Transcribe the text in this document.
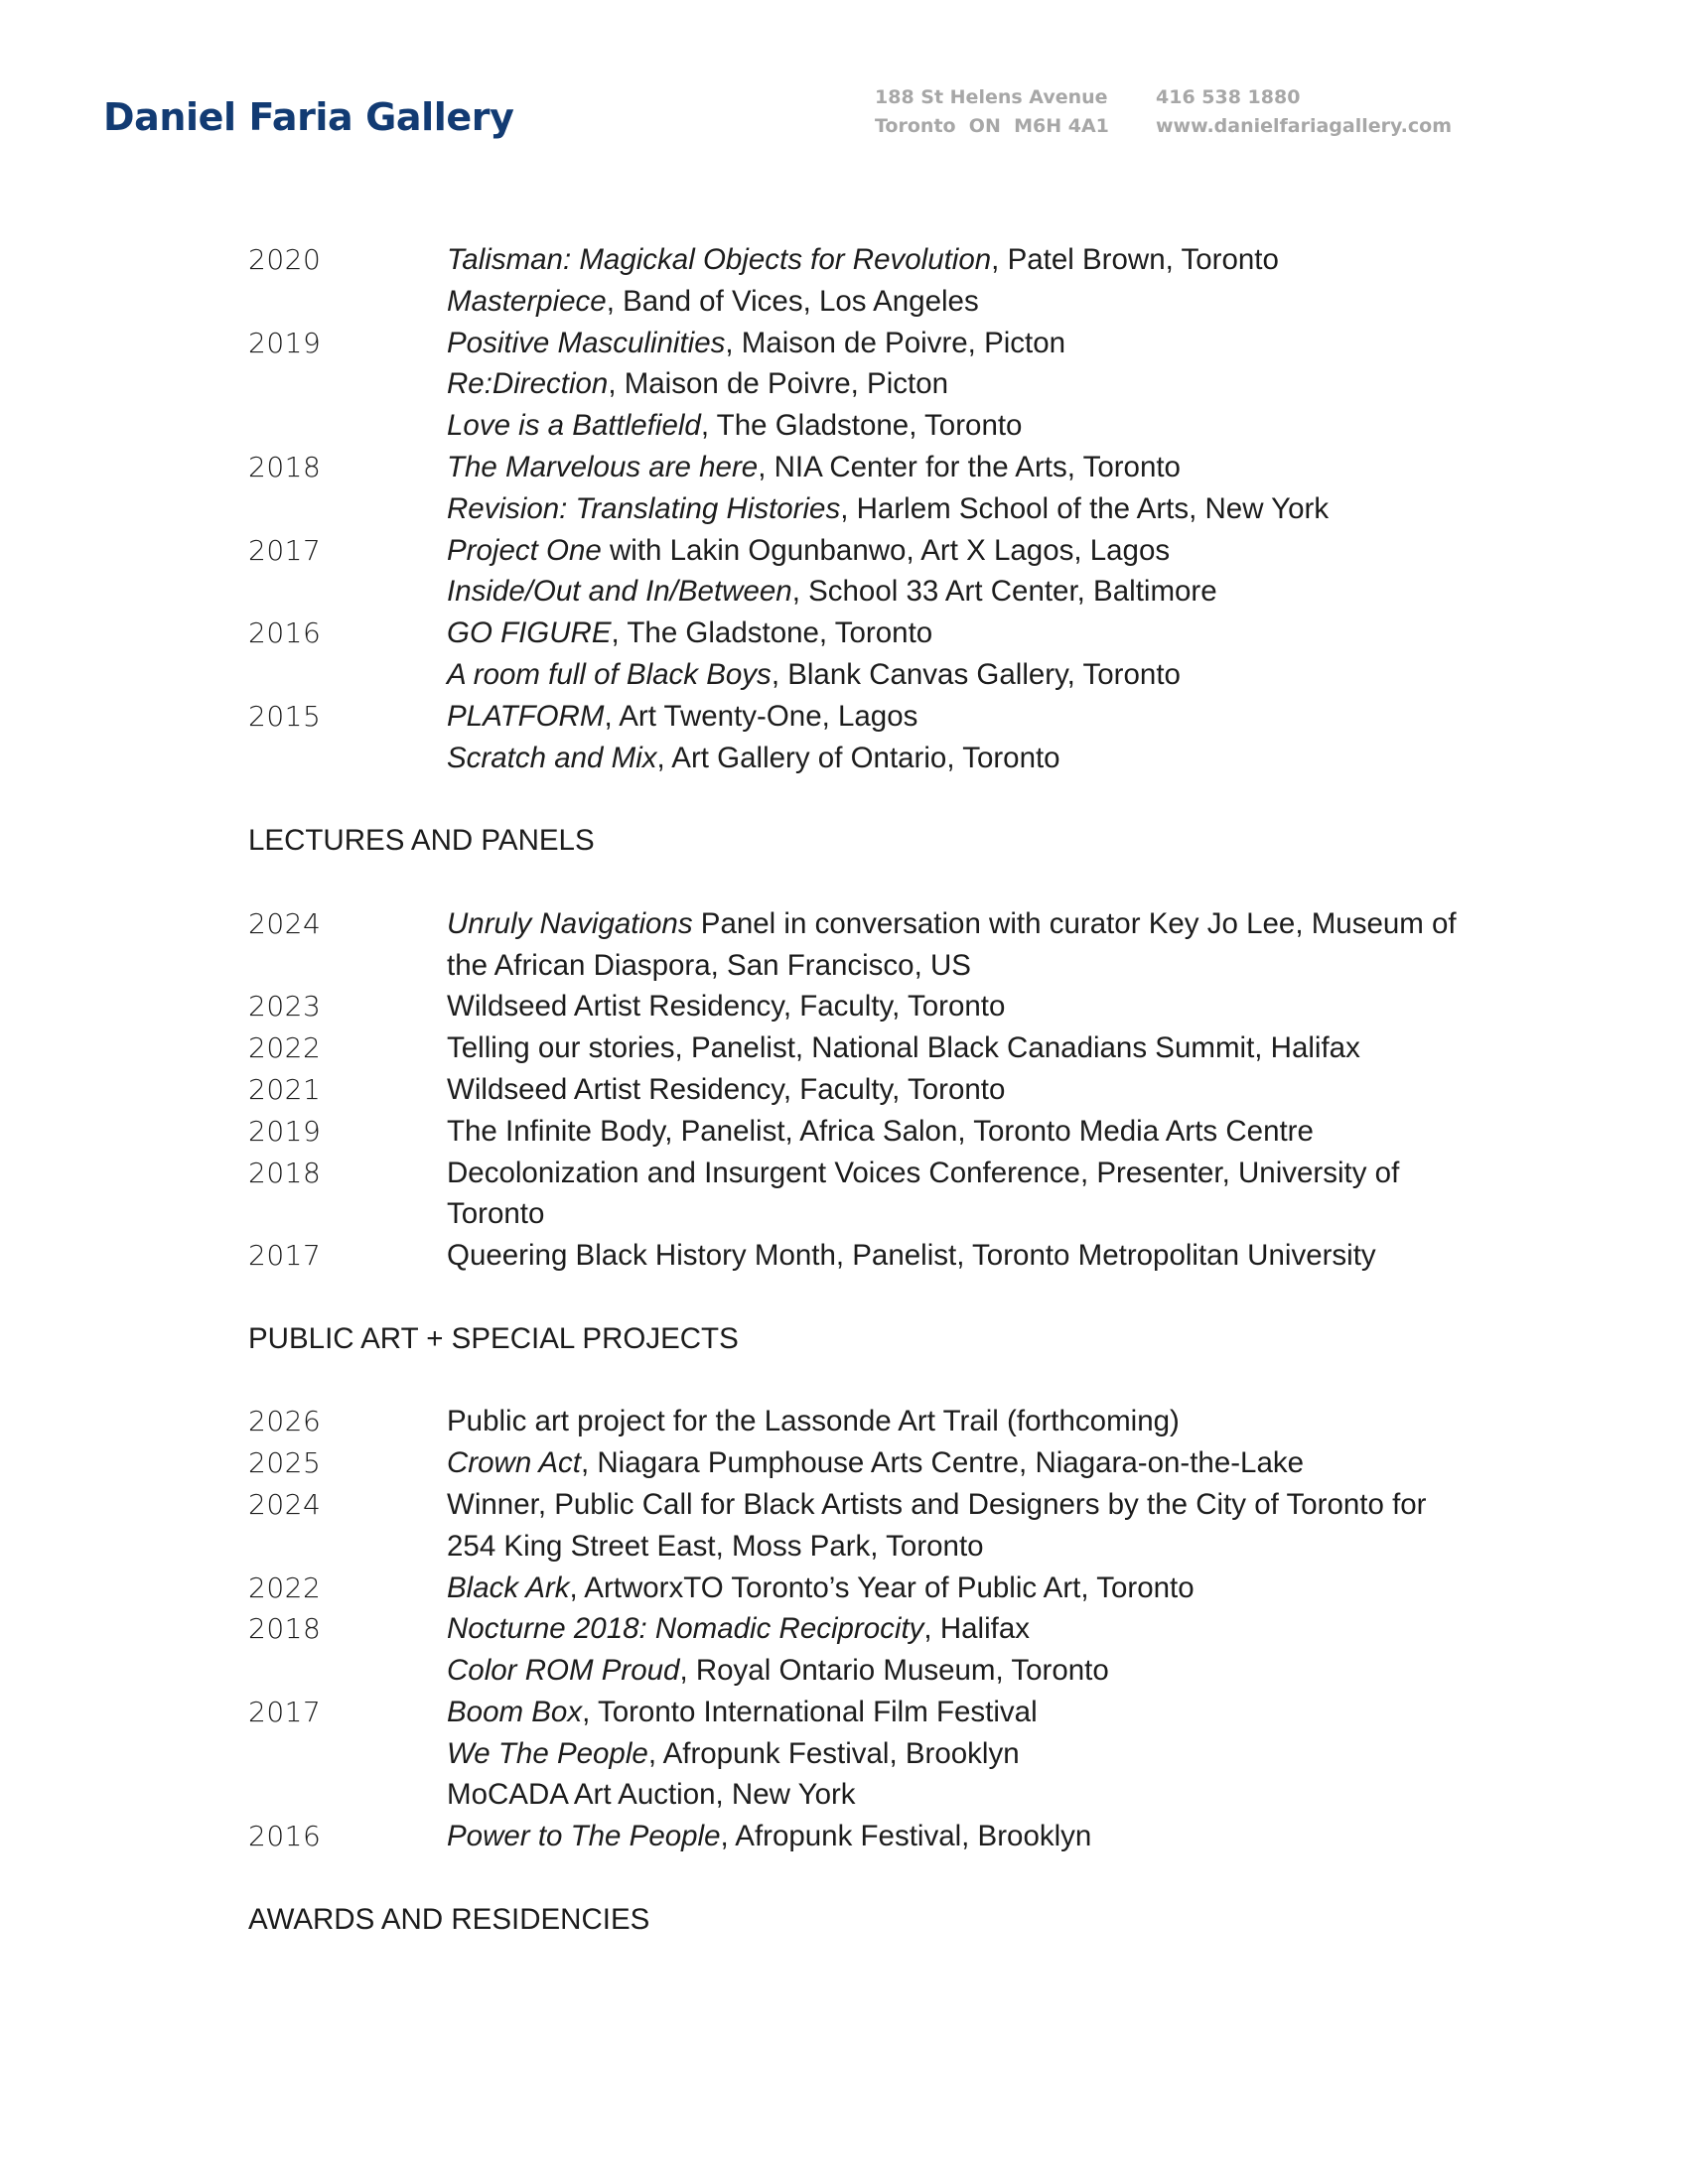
Daniel Faria Gallery	188 St Helens Avenue
Toronto  ON  M6H 4A1
416 538 1880
www.danielfariagallery.com
2020	Talisman: Magickal Objects for Revolution, Patel Brown, Toronto
Masterpiece, Band of Vices, Los Angeles
2019	Positive Masculinities, Maison de Poivre, Picton
Re:Direction, Maison de Poivre, Picton
Love is a Battlefield, The Gladstone, Toronto
2018	The Marvelous are here, NIA Center for the Arts, Toronto
Revision: Translating Histories, Harlem School of the Arts, New York
2017	Project One with Lakin Ogunbanwo, Art X Lagos, Lagos
Inside/Out and In/Between, School 33 Art Center, Baltimore
2016	GO FIGURE, The Gladstone, Toronto
A room full of Black Boys, Blank Canvas Gallery, Toronto
2015	PLATFORM, Art Twenty-One, Lagos
Scratch and Mix, Art Gallery of Ontario, Toronto
LECTURES AND PANELS
2024	Unruly Navigations Panel in conversation with curator Key Jo Lee, Museum of
the African Diaspora, San Francisco, US
2023	Wildseed Artist Residency, Faculty, Toronto
2022	Telling our stories, Panelist, National Black Canadians Summit, Halifax
2021	Wildseed Artist Residency, Faculty, Toronto
2019	The Infinite Body, Panelist, Africa Salon, Toronto Media Arts Centre
2018	Decolonization and Insurgent Voices Conference, Presenter, University of
Toronto
2017	Queering Black History Month, Panelist, Toronto Metropolitan University
PUBLIC ART + SPECIAL PROJECTS
2026	Public art project for the Lassonde Art Trail (forthcoming)
2025	Crown Act, Niagara Pumphouse Arts Centre, Niagara-on-the-Lake
2024	Winner, Public Call for Black Artists and Designers by the City of Toronto for
254 King Street East, Moss Park, Toronto
2022	Black Ark, ArtworxTO Toronto’s Year of Public Art, Toronto
2018	Nocturne 2018: Nomadic Reciprocity, Halifax
Color ROM Proud, Royal Ontario Museum, Toronto
2017	Boom Box, Toronto International Film Festival
We The People, Afropunk Festival, Brooklyn
MoCADA Art Auction, New York
2016	Power to The People, Afropunk Festival, Brooklyn
AWARDS AND RESIDENCIES
